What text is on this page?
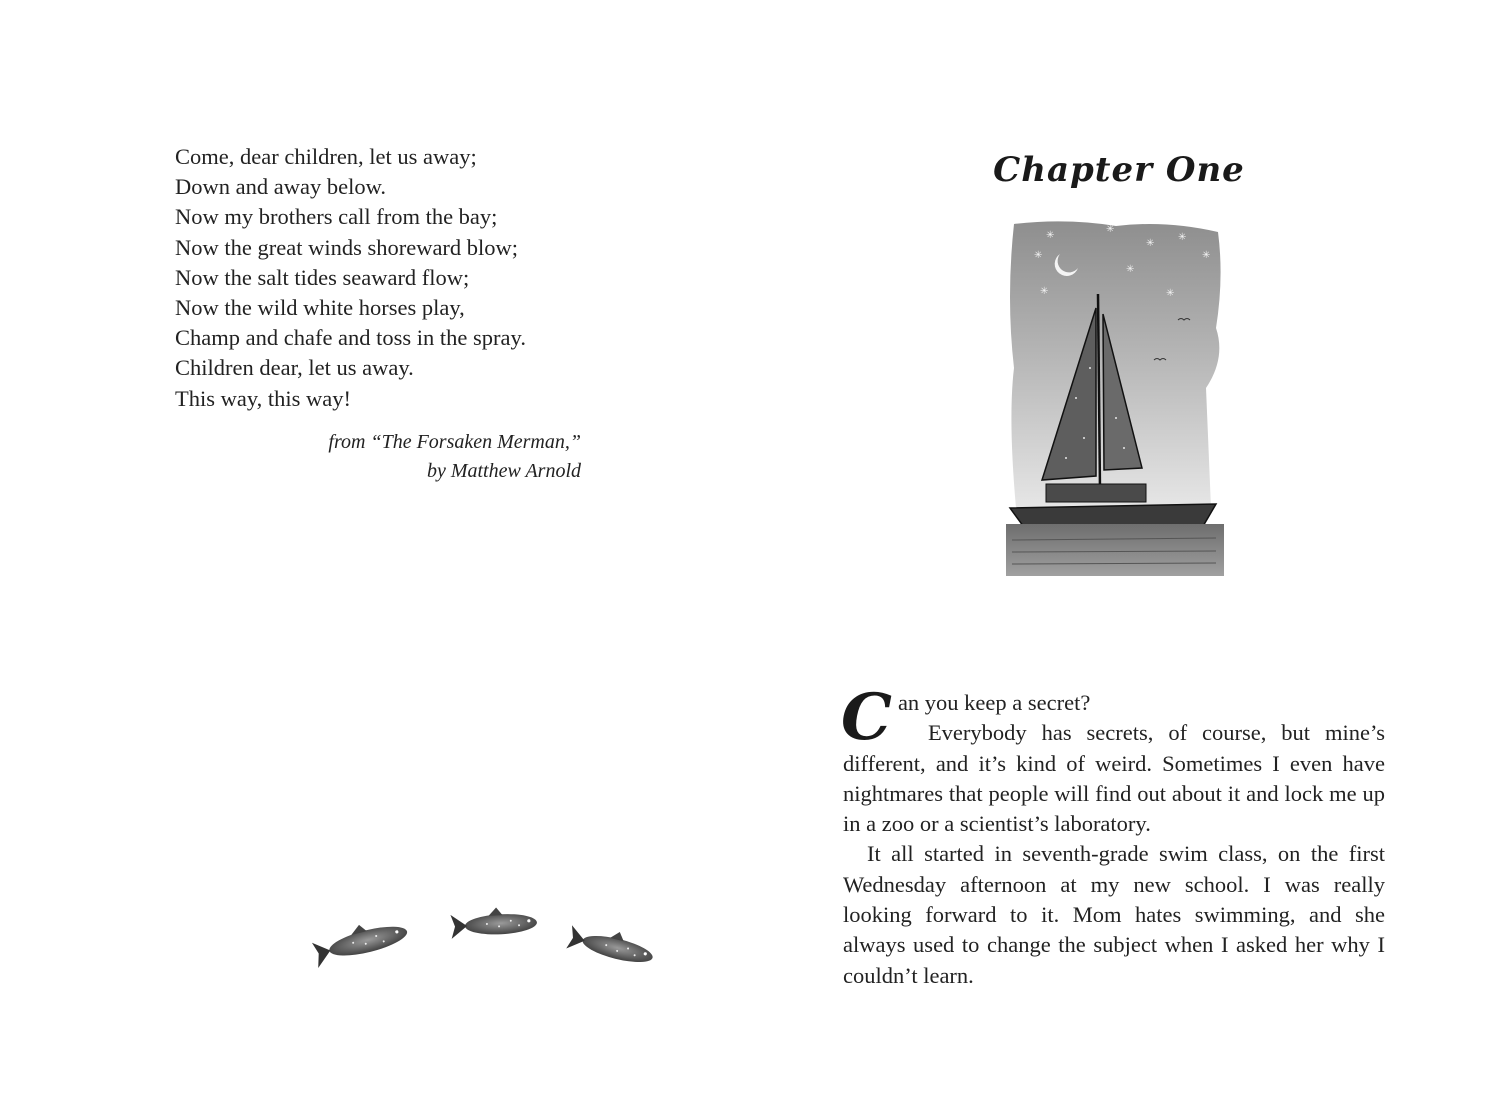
Come, dear children, let us away;
Down and away below.
Now my brothers call from the bay;
Now the great winds shoreward blow;
Now the salt tides seaward flow;
Now the wild white horses play,
Champ and chafe and toss in the spray.
Children dear, let us away.
This way, this way!
from “The Forsaken Merman,”
by Matthew Arnold
Chapter One
✳
✳
✳
✳
✳
✳
✳	✳
✳

C an you keep a secret?
Everybody has secrets, of course, but mine’s different, and it’s kind of weird. Sometimes I even have nightmares that people will find out about it and lock me up in a zoo or a scientist’s laboratory.

It all started in seventh-grade swim class, on the first Wednesday afternoon at my new school. I was really looking forward to it. Mom hates swimming, and she always used to change the subject when I asked her why I couldn’t learn.
